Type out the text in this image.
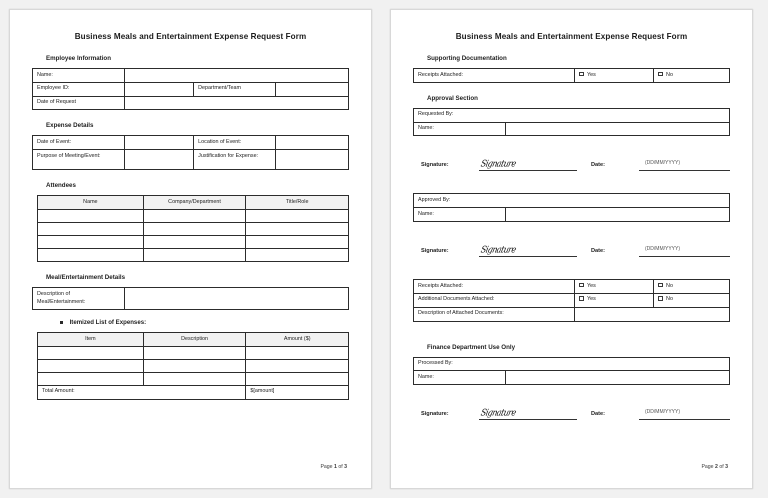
Business Meals and Entertainment Expense Request Form
Employee Information
Name:			
Employee ID:		Department/Team	
Date of Request			
Expense Details
Date of Event:		Location of Event:	
Purpose of Meeting/Event:		Justification for Expense:	
Attendees
Name	Company/Department	Title/Role

Meal/Entertainment Details
Description of Meal/Entertainment:	
Itemized List of Expenses:
Item	Description	Amount ($)

Total Amount:		$[amount]
Page 1 of 3
Business Meals and Entertainment Expense Request Form
Supporting Documentation
Receipts Attached:	Yes	No
Approval Section
Requested By:
Name:	
Signature:	Signature	Date:	(DD/MM/YYYY)
Approved By:
Name:	
Signature:	Signature	Date:	(DD/MM/YYYY)
Receipts Attached:	Yes	No
Additional Documents Attached:	Yes	No
Description of Attached Documents:		
Finance Department Use Only
Processed By:
Name:	
Signature:	Signature	Date:	(DD/MM/YYYY)
Page 2 of 3
